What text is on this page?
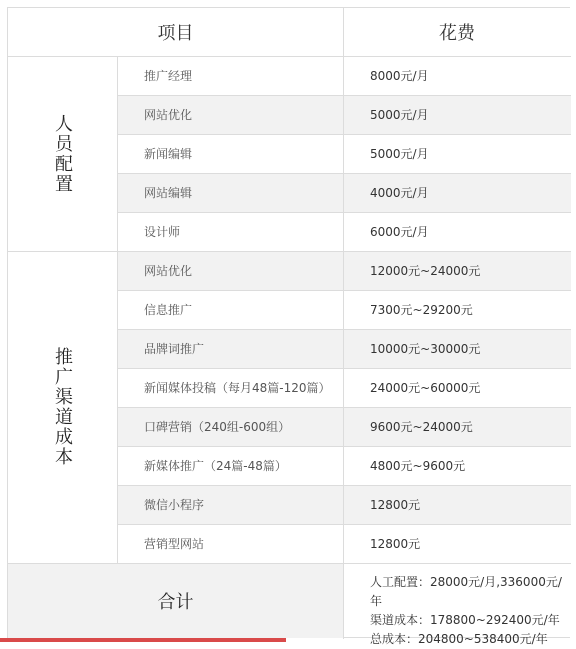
项目	花费
人员配置
推广经理	8000元/月
网站优化	5000元/月
新闻编辑	5000元/月
网站编辑	4000元/月
设计师	6000元/月
推广渠道成本
网站优化	12000元~24000元
信息推广	7300元~29200元
品牌词推广	10000元~30000元
新闻媒体投稿（每月48篇-120篇）	24000元~60000元
口碑营销（240组-600组）	9600元~24000元
新媒体推广（24篇-48篇）	4800元~9600元
微信小程序	12800元
营销型网站	12800元
合计
人工配置：28000元/月,336000元/年
渠道成本：178800~292400元/年
总成本：204800~538400元/年
